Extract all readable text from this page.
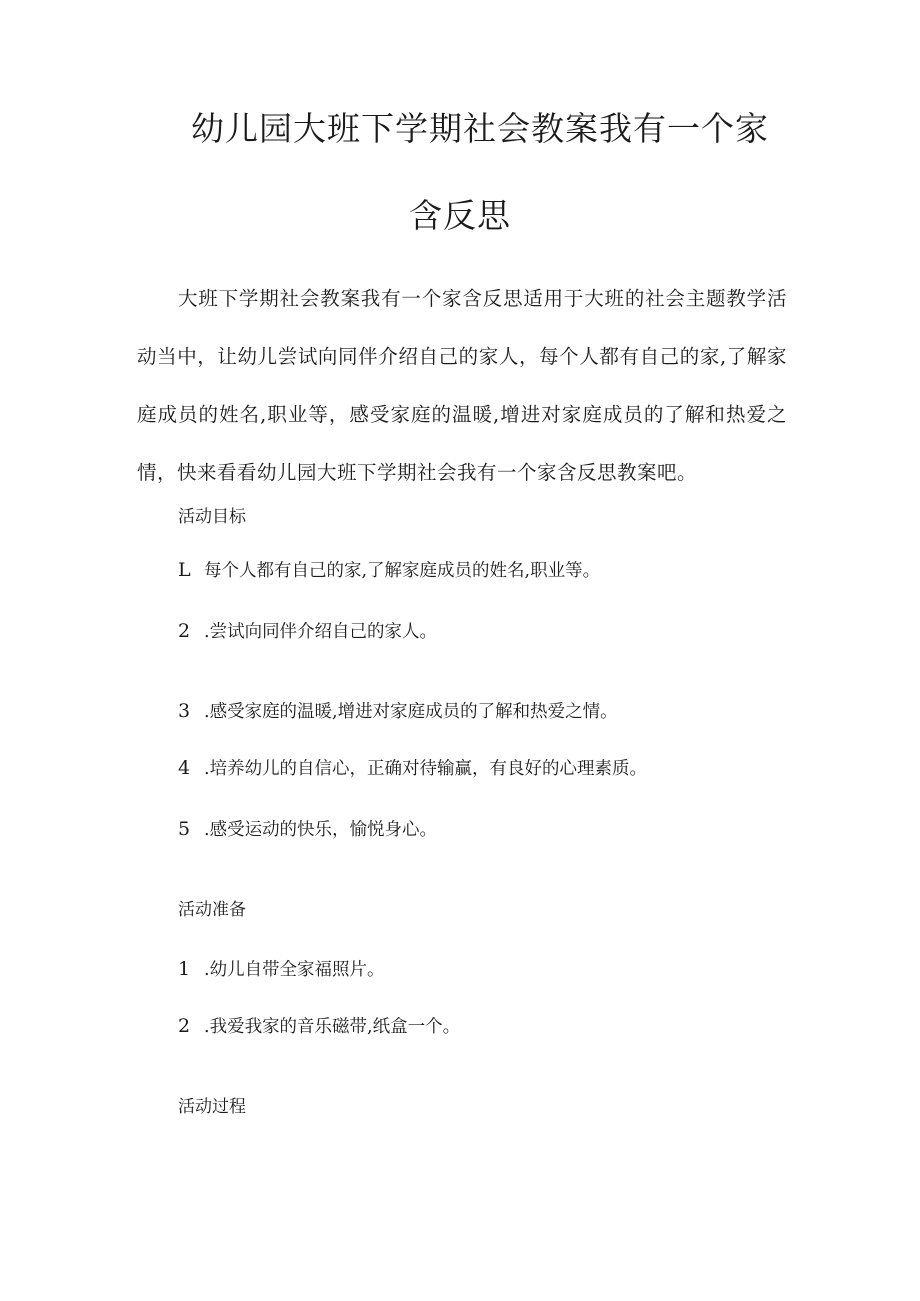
幼儿园大班下学期社会教案我有一个家
含反思

大班下学期社会教案我有一个家含反思适用于大班的社会主题教学活动当中，让幼儿尝试向同伴介绍自己的家人，每个人都有自己的家,了解家庭成员的姓名,职业等，感受家庭的温暖,增进对家庭成员的了解和热爱之情，快来看看幼儿园大班下学期社会我有一个家含反思教案吧。

活动目标

L 每个人都有自己的家,了解家庭成员的姓名,职业等。

2 .尝试向同伴介绍自己的家人。

3 .感受家庭的温暖,增进对家庭成员的了解和热爱之情。

4 .培养幼儿的自信心，正确对待输赢，有良好的心理素质。

5 .感受运动的快乐，愉悦身心。

活动准备

1 .幼儿自带全家福照片。

2 .我爱我家的音乐磁带,纸盒一个。

活动过程
